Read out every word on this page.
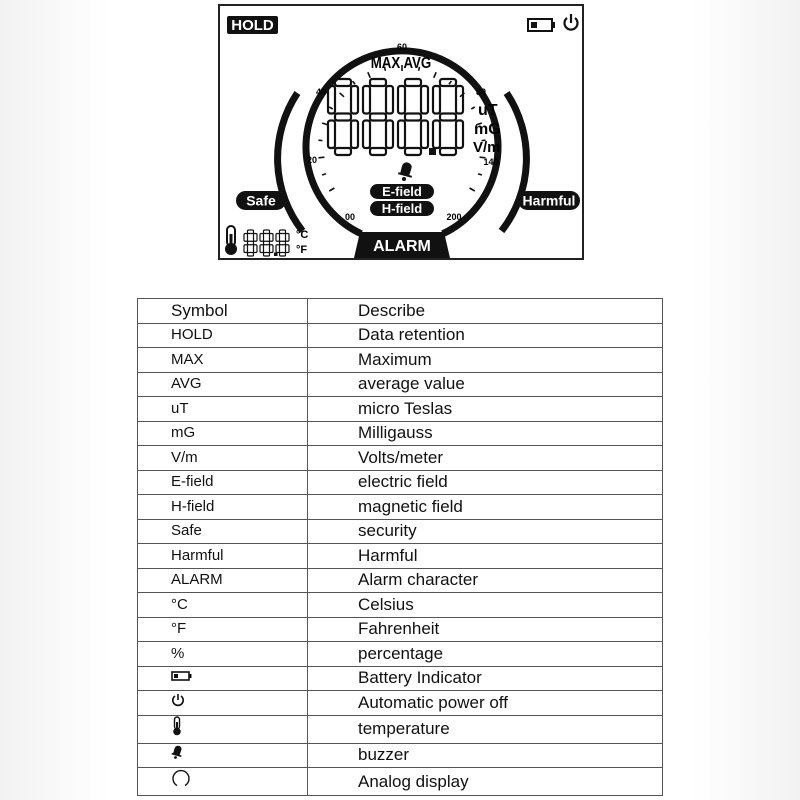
HOLD
00
20
40
60
80
140
200
MAX AVG
uT
mG
V/m
E-field
H-field
Safe	Harmful
ALARM
°C
°F
Symbol	Describe
HOLD	Data retention
MAX	Maximum
AVG	average value
uT	micro Teslas
mG	Milligauss
V/m	Volts/meter
E-field	electric field
H-field	magnetic field
Safe	security
Harmful	Harmful
ALARM	Alarm character
°C	Celsius
°F	Fahrenheit
%	percentage
	Battery Indicator
	Automatic power off
	temperature
	buzzer
	Analog display
